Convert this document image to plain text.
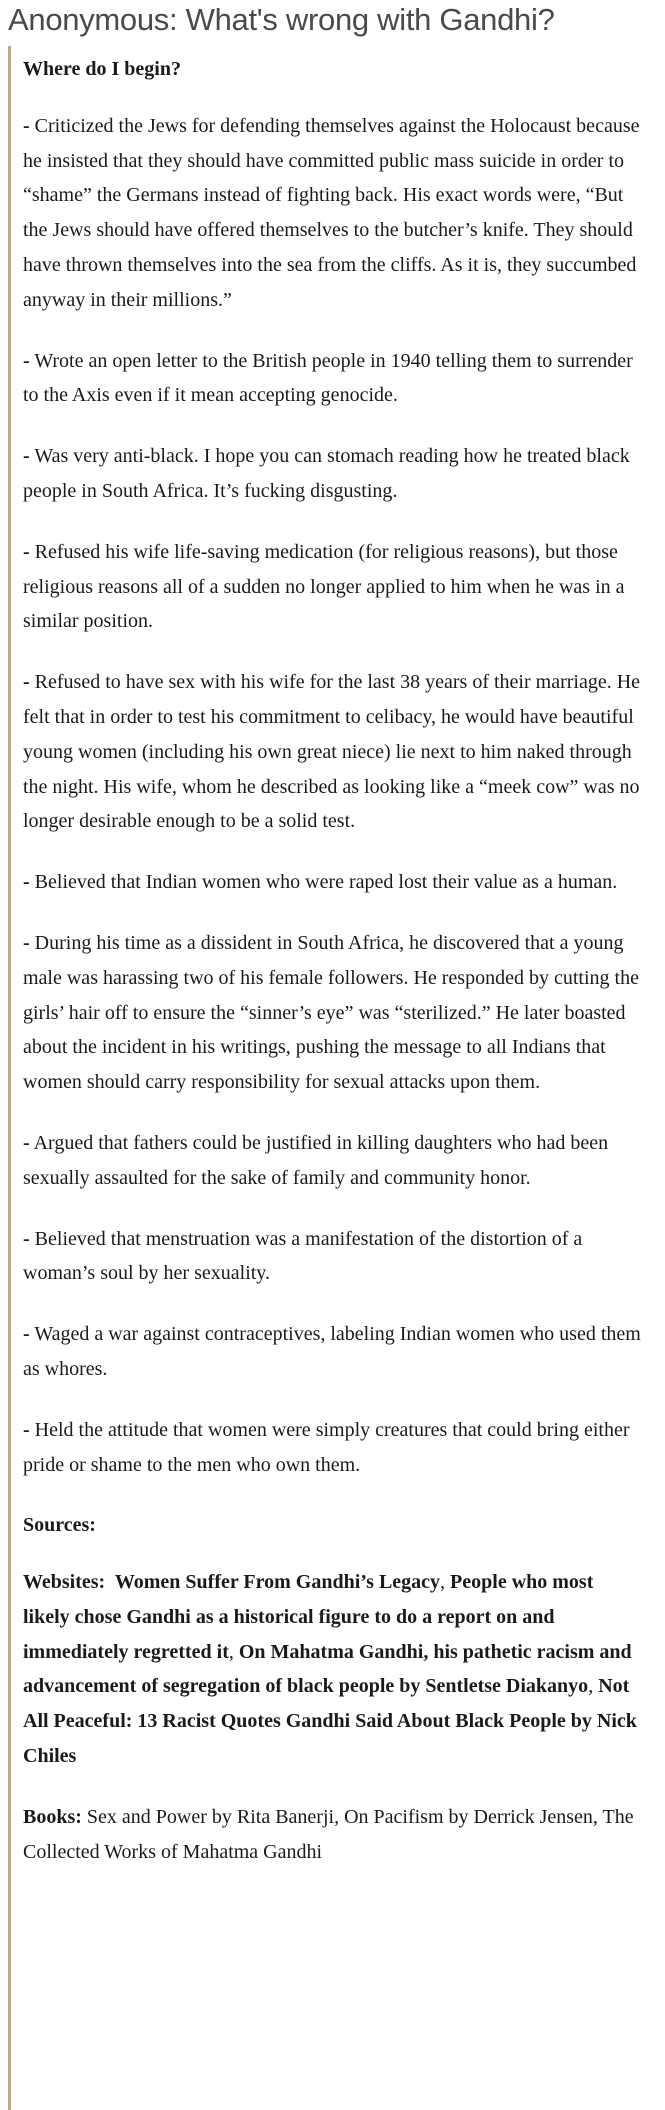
Anonymous: What's wrong with Gandhi?

Where do I begin?

- Criticized the Jews for defending themselves against the Holocaust because he insisted that they should have committed public mass suicide in order to “shame” the Germans instead of fighting back. His exact words were, “But the Jews should have offered themselves to the butcher’s knife. They should have thrown themselves into the sea from the cliffs. As it is, they succumbed anyway in their millions.”

- Wrote an open letter to the British people in 1940 telling them to surrender to the Axis even if it mean accepting genocide.

- Was very anti-black. I hope you can stomach reading how he treated black people in South Africa. It’s fucking disgusting.

- Refused his wife life-saving medication (for religious reasons), but those religious reasons all of a sudden no longer applied to him when he was in a similar position.

- Refused to have sex with his wife for the last 38 years of their marriage. He felt that in order to test his commitment to celibacy, he would have beautiful young women (including his own great niece) lie next to him naked through the night. His wife, whom he described as looking like a “meek cow” was no longer desirable enough to be a solid test.

- Believed that Indian women who were raped lost their value as a human.

- During his time as a dissident in South Africa, he discovered that a young male was harassing two of his female followers. He responded by cutting the girls’ hair off to ensure the “sinner’s eye” was “sterilized.” He later boasted about the incident in his writings, pushing the message to all Indians that women should carry responsibility for sexual attacks upon them.

- Argued that fathers could be justified in killing daughters who had been sexually assaulted for the sake of family and community honor.

- Believed that menstruation was a manifestation of the distortion of a woman’s soul by her sexuality.

- Waged a war against contraceptives, labeling Indian women who used them as whores.

- Held the attitude that women were simply creatures that could bring either pride or shame to the men who own them.

Sources:

Websites: Women Suffer From Gandhi’s Legacy, People who most likely chose Gandhi as a historical figure to do a report on and immediately regretted it, On Mahatma Gandhi, his pathetic racism and advancement of segregation of black people by Sentletse Diakanyo, Not All Peaceful: 13 Racist Quotes Gandhi Said About Black People by Nick Chiles

Books: Sex and Power by Rita Banerji, On Pacifism by Derrick Jensen, The Collected Works of Mahatma Gandhi
